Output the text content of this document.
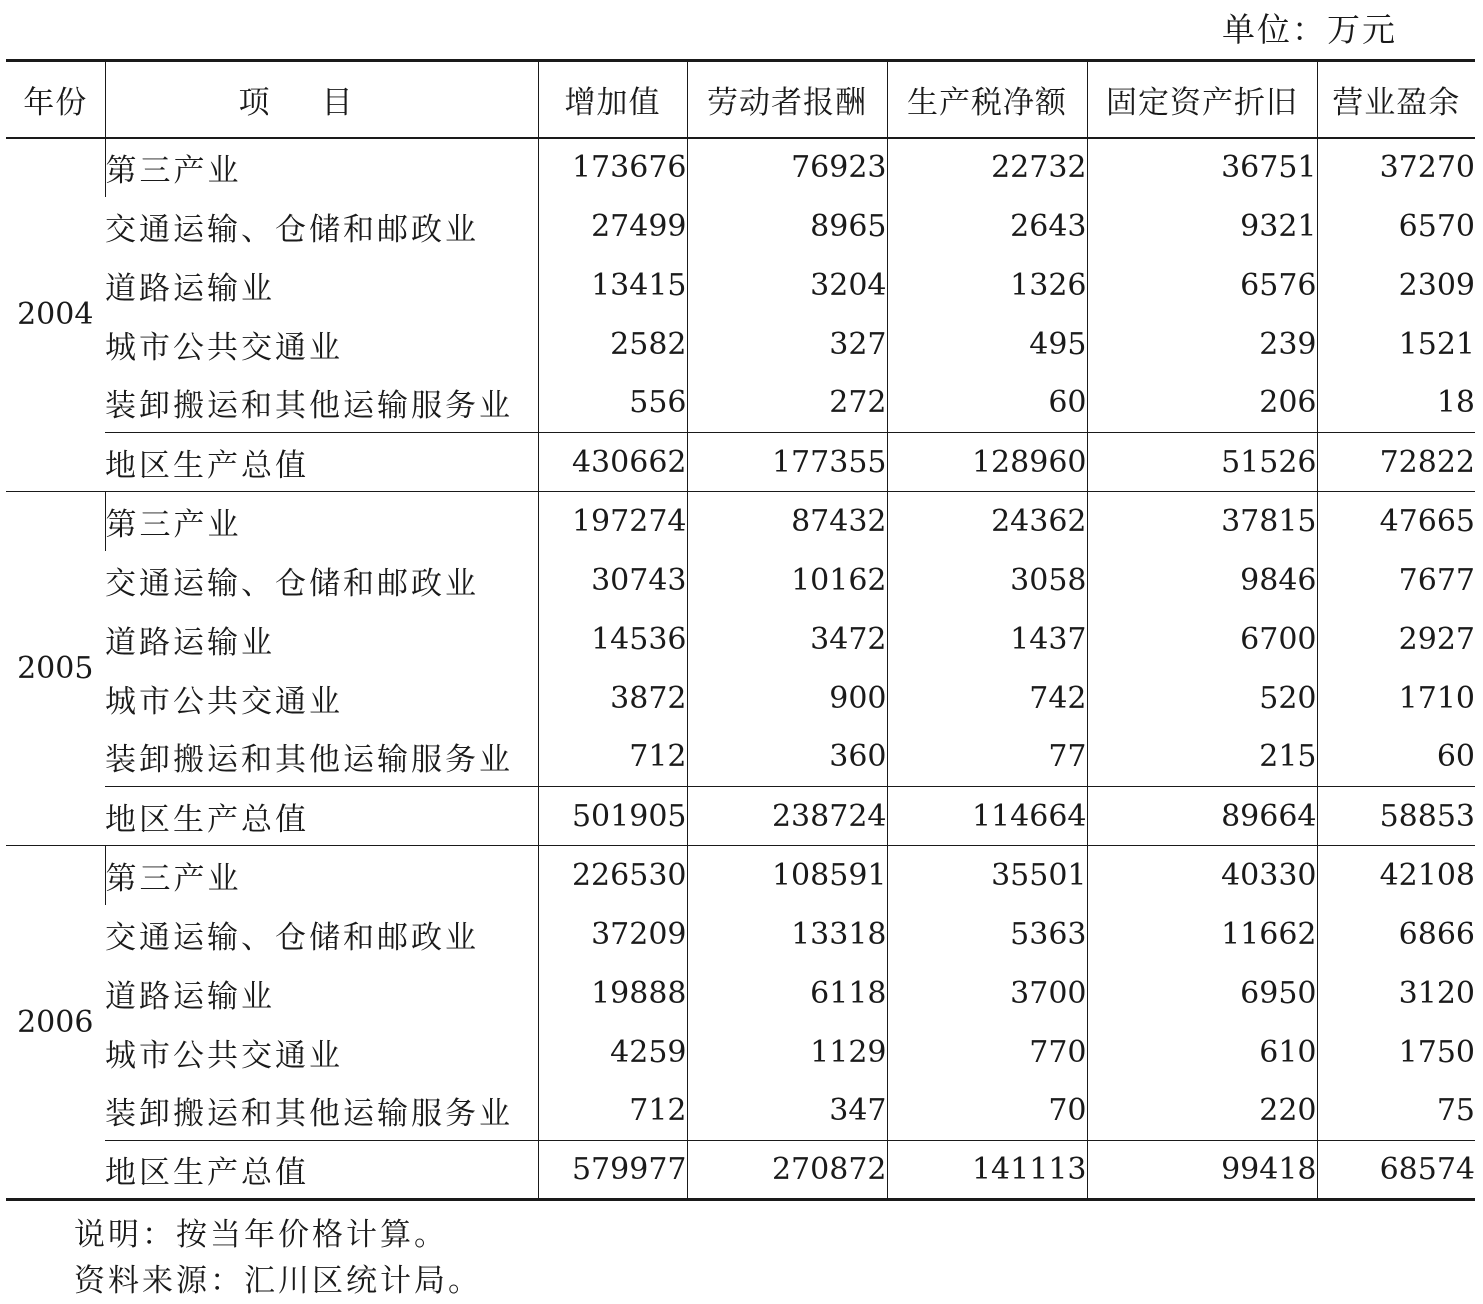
单位：万元
年份	项目	增加值	劳动者报酬	生产税净额	固定资产折旧	营业盈余
2004	第三产业	173676	76923	22732	36751	37270
	交通运输、仓储和邮政业	27499	8965	2643	9321	6570
	道路运输业	13415	3204	1326	6576	2309
	城市公共交通业	2582	327	495	239	1521
	装卸搬运和其他运输服务业	556	272	60	206	18
	地区生产总值	430662	177355	128960	51526	72822
2005	第三产业	197274	87432	24362	37815	47665
	交通运输、仓储和邮政业	30743	10162	3058	9846	7677
	道路运输业	14536	3472	1437	6700	2927
	城市公共交通业	3872	900	742	520	1710
	装卸搬运和其他运输服务业	712	360	77	215	60
	地区生产总值	501905	238724	114664	89664	58853
2006	第三产业	226530	108591	35501	40330	42108
	交通运输、仓储和邮政业	37209	13318	5363	11662	6866
	道路运输业	19888	6118	3700	6950	3120
	城市公共交通业	4259	1129	770	610	1750
	装卸搬运和其他运输服务业	712	347	70	220	75
	地区生产总值	579977	270872	141113	99418	68574
说明：按当年价格计算。
资料来源：汇川区统计局。
